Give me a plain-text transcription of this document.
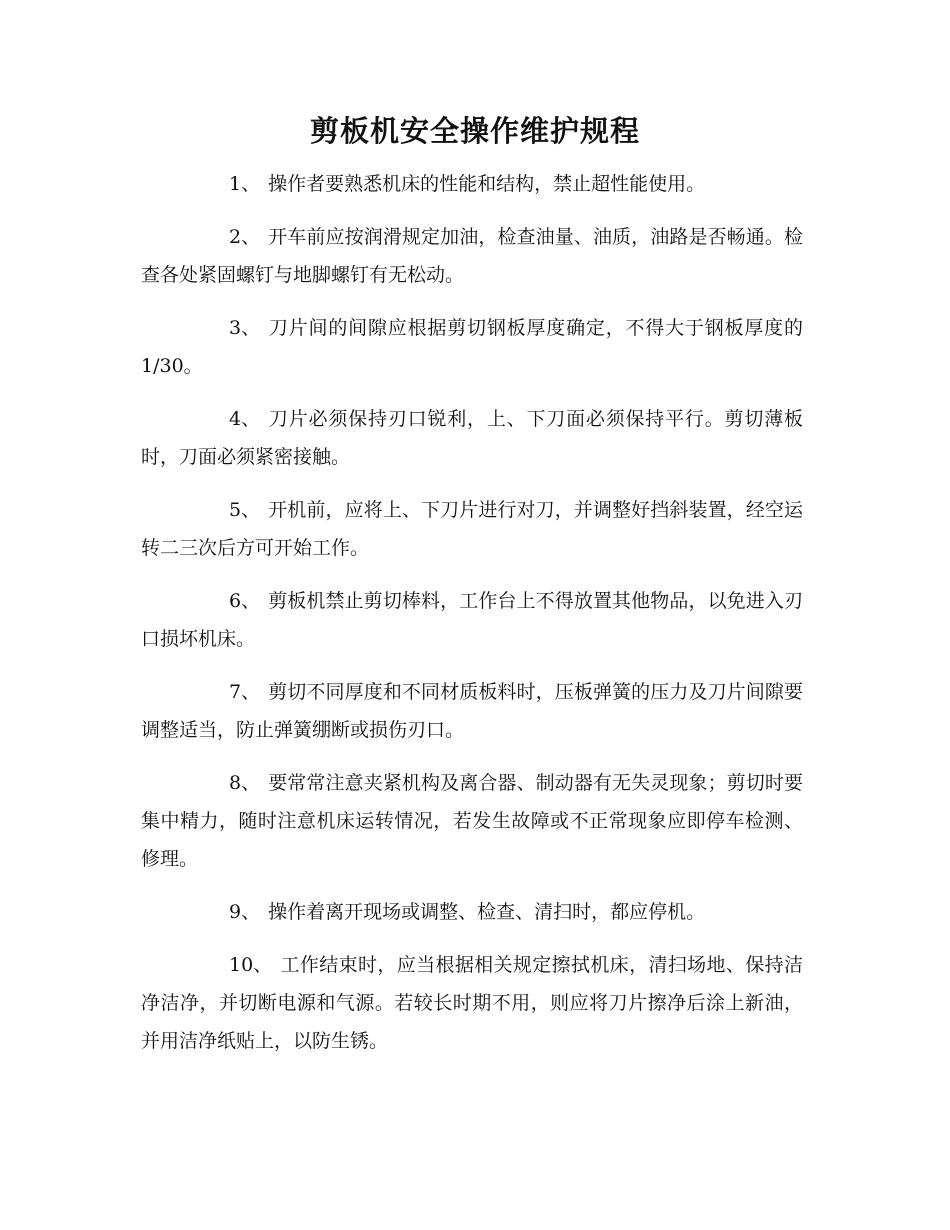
剪板机安全操作维护规程

1、 操作者要熟悉机床的性能和结构，禁止超性能使用。

2、 开车前应按润滑规定加油，检查油量、油质，油路是否畅通。检查各处紧固螺钉与地脚螺钉有无松动。

3、 刀片间的间隙应根据剪切钢板厚度确定，不得大于钢板厚度的 1/30。

4、 刀片必须保持刃口锐利，上、下刀面必须保持平行。剪切薄板时，刀面必须紧密接触。

5、 开机前，应将上、下刀片进行对刀，并调整好挡斜装置，经空运转二三次后方可开始工作。

6、 剪板机禁止剪切棒料，工作台上不得放置其他物品，以免进入刃口损坏机床。

7、 剪切不同厚度和不同材质板料时，压板弹簧的压力及刀片间隙要调整适当，防止弹簧绷断或损伤刃口。

8、 要常常注意夹紧机构及离合器、制动器有无失灵现象；剪切时要集中精力，随时注意机床运转情况，若发生故障或不正常现象应即停车检测、修理。

9、 操作着离开现场或调整、检查、清扫时，都应停机。

10、 工作结束时，应当根据相关规定擦拭机床，清扫场地、保持洁净洁净，并切断电源和气源。若较长时期不用，则应将刀片擦净后涂上新油，并用洁净纸贴上，以防生锈。
